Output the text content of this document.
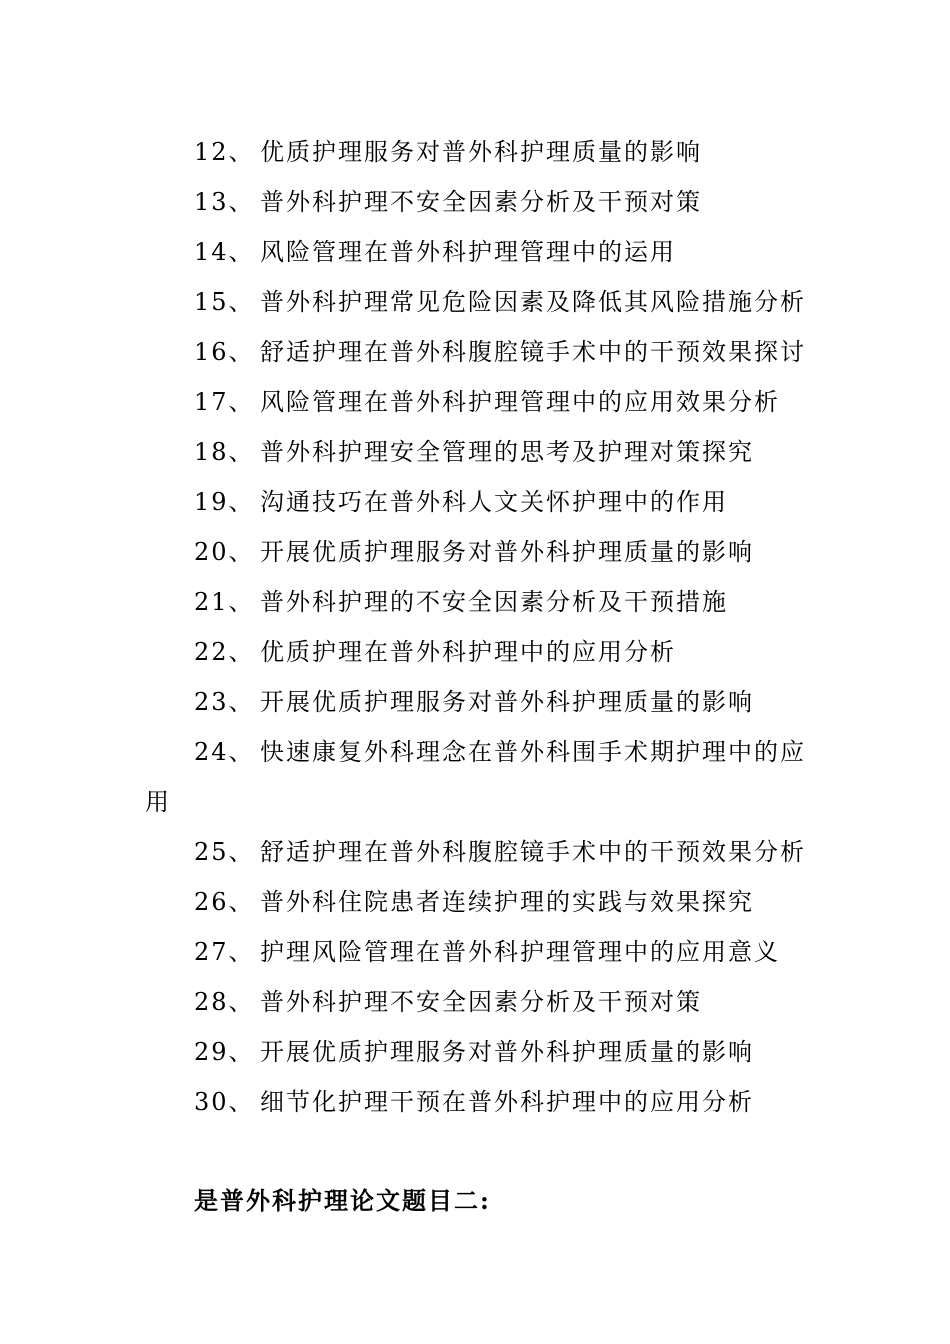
12、 优质护理服务对普外科护理质量的影响
13、 普外科护理不安全因素分析及干预对策
14、 风险管理在普外科护理管理中的运用
15、 普外科护理常见危险因素及降低其风险措施分析
16、 舒适护理在普外科腹腔镜手术中的干预效果探讨
17、 风险管理在普外科护理管理中的应用效果分析
18、 普外科护理安全管理的思考及护理对策探究
19、 沟通技巧在普外科人文关怀护理中的作用
20、 开展优质护理服务对普外科护理质量的影响
21、 普外科护理的不安全因素分析及干预措施
22、 优质护理在普外科护理中的应用分析
23、 开展优质护理服务对普外科护理质量的影响
24、 快速康复外科理念在普外科围手术期护理中的应
用
25、 舒适护理在普外科腹腔镜手术中的干预效果分析
26、 普外科住院患者连续护理的实践与效果探究
27、 护理风险管理在普外科护理管理中的应用意义
28、 普外科护理不安全因素分析及干预对策
29、 开展优质护理服务对普外科护理质量的影响
30、 细节化护理干预在普外科护理中的应用分析
是普外科护理论文题目二:
